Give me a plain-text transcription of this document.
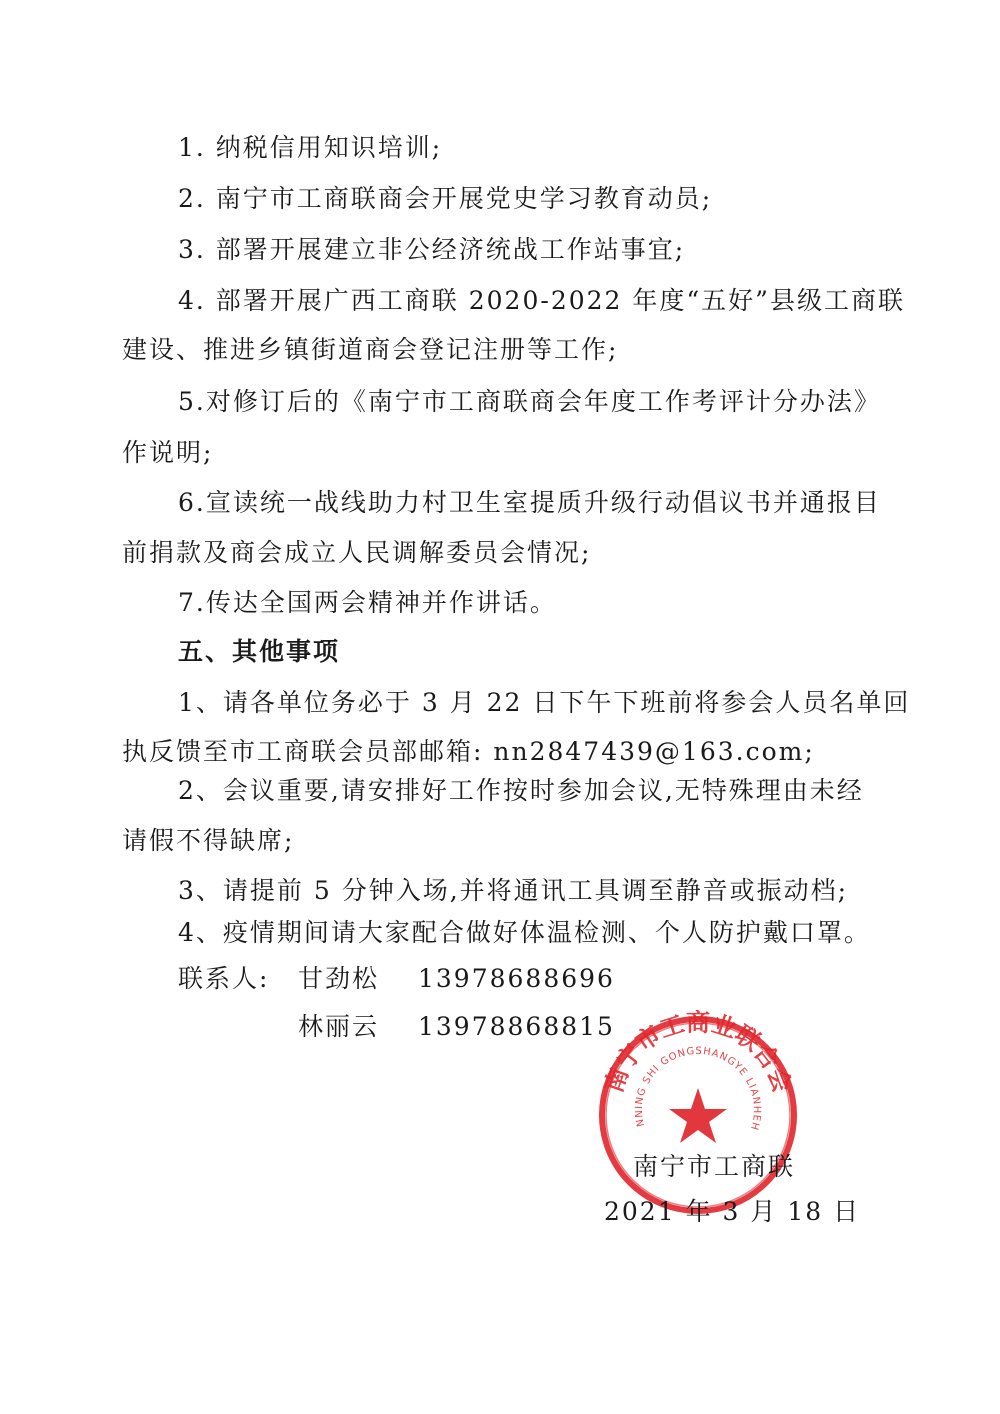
1. 纳税信用知识培训;
2. 南宁市工商联商会开展党史学习教育动员;
3. 部署开展建立非公经济统战工作站事宜;
4. 部署开展广西工商联 2020-2022 年度“五好”县级工商联
建设、推进乡镇街道商会登记注册等工作;
5.对修订后的《南宁市工商联商会年度工作考评计分办法》
作说明;
6.宣读统一战线助力村卫生室提质升级行动倡议书并通报目
前捐款及商会成立人民调解委员会情况;
7.传达全国两会精神并作讲话。
五、其他事项
1、请各单位务必于 3 月 22 日下午下班前将参会人员名单回
执反馈至市工商联会员部邮箱: nn2847439@163.com;
2、会议重要,请安排好工作按时参加会议,无特殊理由未经
请假不得缺席;
3、请提前 5 分钟入场,并将通讯工具调至静音或振动档;
4、疫情期间请大家配合做好体温检测、个人防护戴口罩。
联系人: 甘劲松 13978688696
林丽云 13978868815
南宁市工商业联合会
NNING SHI GONGSHANGYE LIANHEH
南宁市工商联
2021 年 3 月 18 日
